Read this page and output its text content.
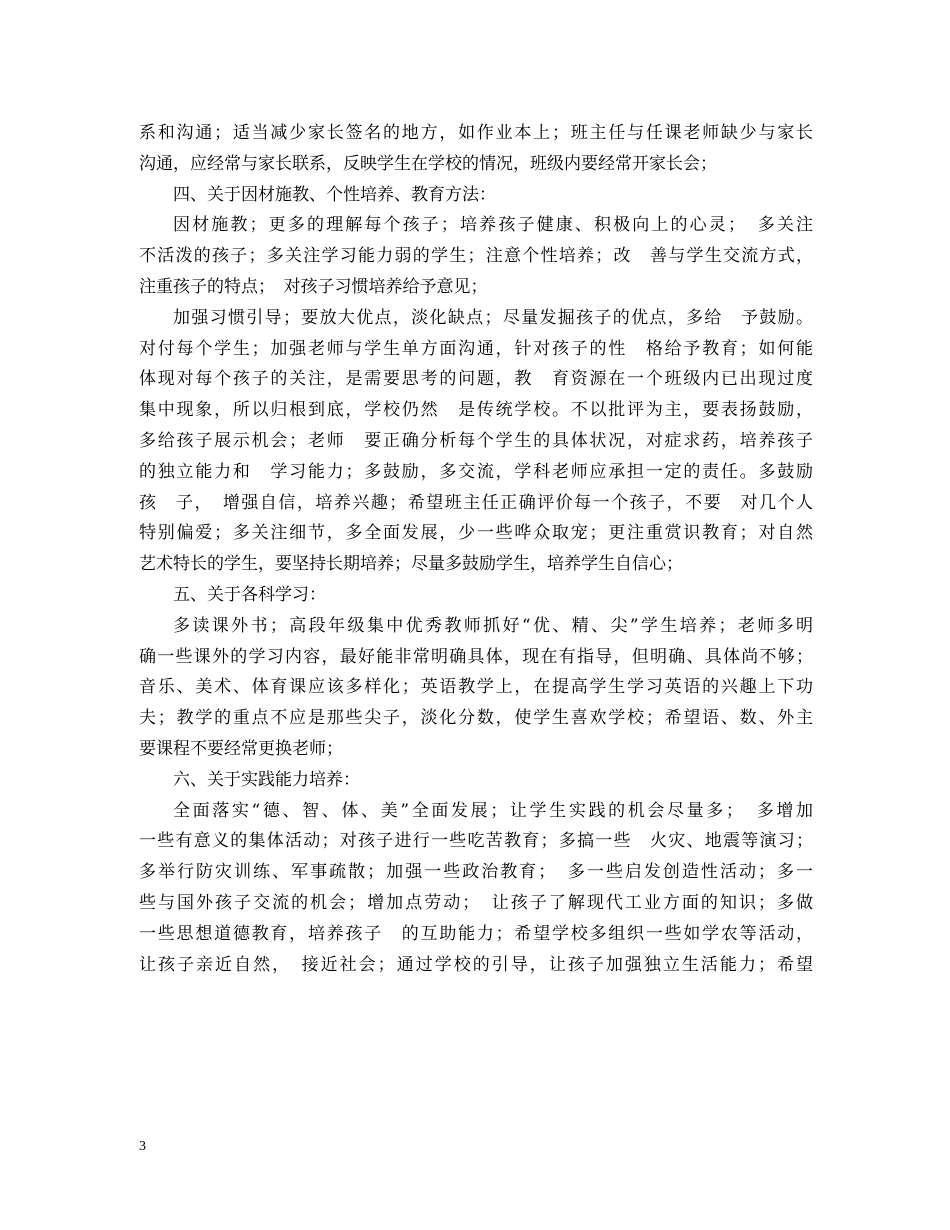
系和沟通；适当减少家长签名的地方，如作业本上；班主任与任课老师缺少与家长
沟通，应经常与家长联系，反映学生在学校的情况，班级内要经常开家长会；
四、关于因材施教、个性培养、教育方法：
因材施教；更多的理解每个孩子；培养孩子健康、积极向上的心灵；　多关注
不活泼的孩子；多关注学习能力弱的学生；注意个性培养；改　善与学生交流方式，
注重孩子的特点；　对孩子习惯培养给予意见；
加强习惯引导；要放大优点，淡化缺点；尽量发掘孩子的优点，多给　予鼓励。
对付每个学生；加强老师与学生单方面沟通，针对孩子的性　格给予教育；如何能
体现对每个孩子的关注，是需要思考的问题，教　育资源在一个班级内已出现过度
集中现象，所以归根到底，学校仍然　是传统学校。不以批评为主，要表扬鼓励，
多给孩子展示机会；老师　要正确分析每个学生的具体状况，对症求药，培养孩子
的独立能力和　学习能力；多鼓励，多交流，学科老师应承担一定的责任。多鼓励
孩　子，　增强自信，培养兴趣；希望班主任正确评价每一个孩子，不要　对几个人
特别偏爱；多关注细节，多全面发展，少一些哗众取宠；更注重赏识教育；对自然
艺术特长的学生，要坚持长期培养；尽量多鼓励学生，培养学生自信心；
五、关于各科学习：
多读课外书；高段年级集中优秀教师抓好“优、精、尖”学生培养；老师多明
确一些课外的学习内容，最好能非常明确具体，现在有指导，但明确、具体尚不够；
音乐、美术、体育课应该多样化；英语教学上，在提高学生学习英语的兴趣上下功
夫；教学的重点不应是那些尖子，淡化分数，使学生喜欢学校；希望语、数、外主
要课程不要经常更换老师；
六、关于实践能力培养：
全面落实“德、智、体、美”全面发展；让学生实践的机会尽量多；　多增加
一些有意义的集体活动；对孩子进行一些吃苦教育；多搞一些　火灾、地震等演习；
多举行防灾训练、军事疏散；加强一些政治教育；　多一些启发创造性活动；多一
些与国外孩子交流的机会；增加点劳动；　让孩子了解现代工业方面的知识；多做
一些思想道德教育，培养孩子　的互助能力；希望学校多组织一些如学农等活动，
让孩子亲近自然，　接近社会；通过学校的引导，让孩子加强独立生活能力；希望
3
